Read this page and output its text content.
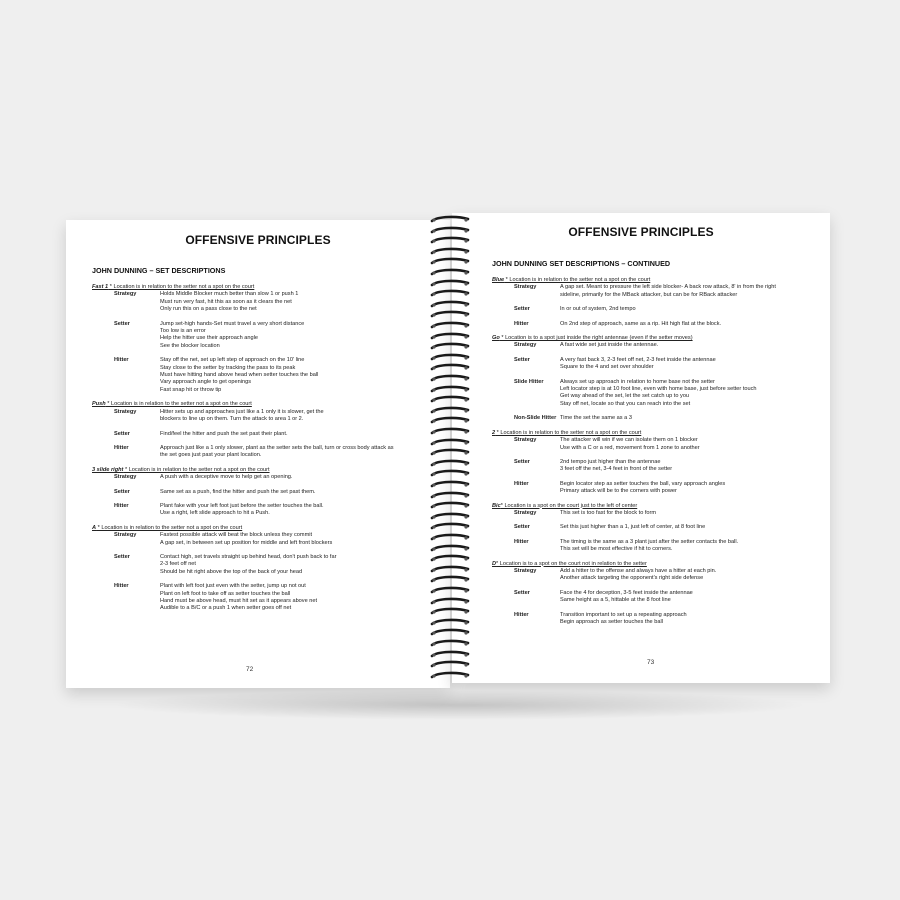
OFFENSIVE PRINCIPLES
JOHN DUNNING – SET DESCRIPTIONS
Fast 1 * Location is in relation to the setter not a spot on the court
Strategy	Holds Middle Blocker much better than slow 1 or push 1
Must run very fast, hit this as soon as it clears the net
Only run this on a pass close to the net
Setter	Jump set-high hands-Set must travel a very short distance
Too low is an error
Help the hitter use their approach angle
See the blocker location
Hitter	Stay off the net, set up left step of approach on the 10' line
Stay close to the setter by tracking the pass to its peak
Must have hitting hand above head when setter touches the ball
Vary approach angle to get openings
Fast snap hit or throw tip
Push * Location is in relation to the setter not a spot on the court
Strategy	Hitter sets up and approaches just like a 1 only it is slower, get the
blockers to line up on them. Turn the attack to area 1 or 2.
Setter	Find/feel the hitter and push the set past their plant.
Hitter	Approach just like a 1 only slower, plant as the setter sets the ball, turn or cross body attack as
the set goes just past your plant location.
3 slide right * Location is in relation to the setter not a spot on the court
Strategy	A push with a deceptive move to help get an opening.
Setter	Same set as a push, find the hitter and push the set past them.
Hitter	Plant fake with your left foot just before the setter touches the ball.
Use a right, left slide approach to hit a Push.
A * Location is in relation to the setter not a spot on the court
Strategy	Fastest possible attack will beat the block unless they commit
A gap set, in between set up position for middle and left front blockers
Setter	Contact high, set travels straight up behind head, don't push back to far
2-3 feet off net
Should be hit right above the top of the back of your head
Hitter	Plant with left foot just even with the setter, jump up not out
Plant on left foot to take off as setter touches the ball
Hand must be above head, must hit set as it appears above net
Audible to a B/C or a push 1 when setter goes off net
72
OFFENSIVE PRINCIPLES
JOHN DUNNING SET DESCRIPTIONS – CONTINUED
Blue * Location is in relation to the setter not a spot on the court
Strategy	A gap set. Meant to pressure the left side blocker- A back row attack, 8' in from the right
sideline, primarily for the MBack attacker, but can be for RBack attacker
Setter	In or out of system, 2nd tempo
Hitter	On 2nd step of approach, same as a rip. Hit high flat at the block.
Go * Location is to a spot just inside the right antennae (even if the setter moves)
Strategy	A fast wide set just inside the antennae.
Setter	A very fast back 3, 2-3 feet off net, 2-3 feet inside the antennae
Square to the 4 and set over shoulder
Slide Hitter	Always set up approach in relation to home base not the setter
Left locator step is at 10 foot line, even with home base, just before setter touch
Get way ahead of the set, let the set catch up to you
Stay off net, locate so that you can reach into the set
Non-Slide Hitter Time the set the same as a 3
2 * Location is in relation to the setter not a spot on the court
Strategy	The attacker will win if we can isolate them on 1 blocker
Use with a C or a red, movement from 1 zone to another
Setter	2nd tempo just higher than the antennae
3 feet off the net, 3-4 feet in front of the setter
Hitter	Begin locator step as setter touches the ball, vary approach angles
Primary attack will be to the corners with power
Bic* Location is a spot on the court just to the left of center
Strategy	This set is too fast for the block to form
Setter	Set this just higher than a 1, just left of center, at 8 foot line
Hitter	The timing is the same as a 3 plant just after the setter contacts the ball.
This set will be most effective if hit to corners.
D* Location is to a spot on the court not in relation to the setter
Strategy	Add a hitter to the offense and always have a hitter at each pin.
Another attack targeting the opponent's right side defense
Setter	Face the 4 for deception, 3-5 feet inside the antennae
Same height as a 5, hittable at the 8 foot line
Hitter	Transition important to set up a repeating approach
Begin approach as setter touches the ball
73
